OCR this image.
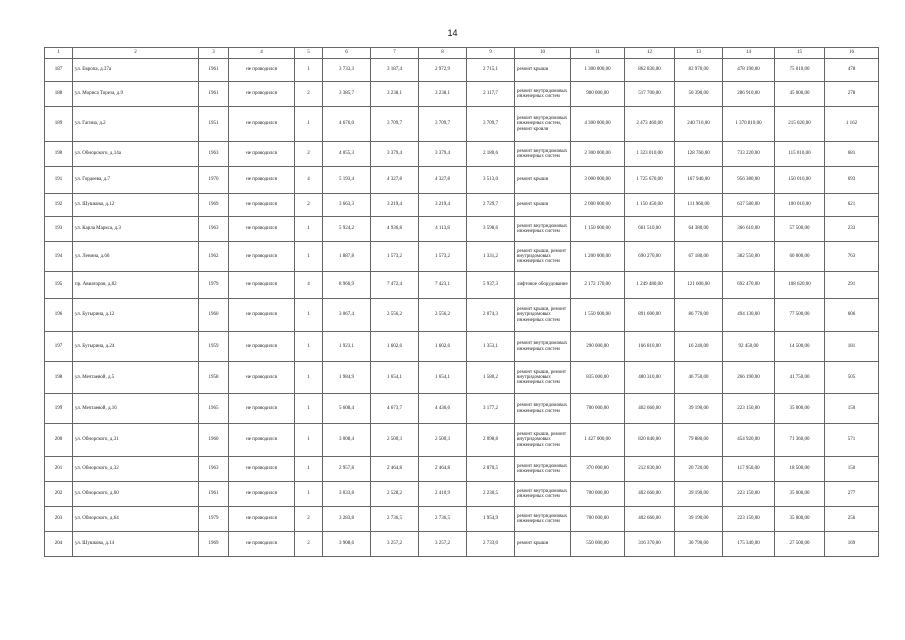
14
1	2	3	4	5	6	7	8	9	10	11	12	13	14	15	16
187	ул. Европа, д.37а	1961	не проводился	1	3 733,3	3 187,4	2 972,9	2 715,1	ремонт крыши	1 300 000,00	862 830,00	83 970,00	478 190,00	75 010,00	478
188	ул. Мориса Тореза, д.9	1961	не проводился	2	3 385,7	3 238,1	3 238,1	2 117,7	ремонт внутридомовых инженерных систем	900 000,00	517 700,00	50 390,00	286 910,00	45 000,00	278
189	ул. Гагина, д.2	1951	не проводился	1	4 676,0	3 709,7	3 709,7	3 709,7	ремонт внутридомовых инженерных систем, ремонт кровли	4 300 000,00	2 473 460,00	240 710,00	1 370 810,00	215 020,00	1 162
190	ул. Обнорского, д.14а	1963	не проводился	2	4 055,3	3 379,4	3 379,4	2 180,6	ремонт внутридомовых инженерных систем	2 300 000,00	1 323 010,00	128 760,00	733 220,00	115 010,00	681
191	ул. Гордеева, д.7	1970	не проводился	4	5 193,4	4 327,8	4 327,8	3 513,0	ремонт крыши	3 000 000,00	1 725 670,00	167 940,00	956 380,00	150 010,00	693
192	ул. Шушкова, д.12	1969	не проводился	2	3 663,3	3 219,4	3 219,4	2 729,7	ремонт крыши	2 000 000,00	1 150 450,00	111 960,00	637 580,00	100 010,00	621
193	ул. Карла Маркса, д.3	1963	не проводился	1	5 924,2	4 936,8	4 113,8	3 598,6	ремонт внутридомовых инженерных систем	1 150 000,00	661 510,00	64 380,00	366 610,00	57 500,00	233
194	ул. Ленина, д.60	1962	не проводился	1	1 887,8	1 573,2	1 573,2	1 331,2	ремонт крыши, ремонт внутридомовых инженерных систем	1 200 000,00	690 270,00	67 180,00	382 550,00	60 000,00	763
195	пр. Авиаторов, д.82	1979	не проводился	4	8 966,9	7 472,4	7 423,1	5 937,3	лифтовое оборудование	2 172 170,00	1 249 480,00	121 600,00	692 470,00	108 620,00	291
196	ул. Бутырина, д.12	1960	не проводился	1	3 067,4	2 556,2	2 556,2	2 074,3	ремонт крыши, ремонт внутридомовых инженерных систем	1 550 000,00	891 600,00	86 770,00	494 130,00	77 500,00	606
197	ул. Бутырина, д.24	1959	не проводился	1	1 923,1	1 602,6	1 602,6	1 353,1	ремонт внутридомовых инженерных систем	290 000,00	166 810,00	16 240,00	92 450,00	14 500,00	181
198	ул. Мечтаевой, д.5	1958	не проводился	1	1 984,9	1 654,1	1 654,1	1 580,2	ремонт крыши, ремонт внутридомовых инженерных систем	835 000,00	480 310,00	46 750,00	266 190,00	41 750,00	505
199	ул. Мечтаевой, д.16	1965	не проводился	1	5 608,4	4 673,7	4 436,6	3 177,2	ремонт внутридомовых инженерных систем	700 000,00	402 660,00	39 190,00	223 150,00	35 000,00	150
200	ул. Обнорского, д.31	1960	не проводился	1	3 008,4	2 500,3	2 500,3	2 098,8	ремонт крыши, ремонт внутридомовых инженерных систем	1 427 000,00	820 840,00	79 880,00	454 920,00	71 360,00	571
201	ул. Обнорского, д.32	1963	не проводился	1	2 957,8	2 464,8	2 464,8	2 070,5	ремонт внутридомовых инженерных систем	370 000,00	212 830,00	20 720,00	117 950,00	18 500,00	150
202	ул. Обнорского, д.60	1961	не проводился	1	3 033,8	2 528,2	2 410,9	2 230,5	ремонт внутридомовых инженерных систем	700 000,00	402 660,00	39 190,00	223 150,00	35 000,00	277
203	ул. Обнорского, д.64	1979	не проводился	2	3 283,8	2 736,5	2 736,5	1 954,9	ремонт внутридомовых инженерных систем	700 000,00	402 660,00	39 190,00	223 150,00	35 000,00	256
204	ул. Шушкова, д.14	1969	не проводился	2	3 908,6	3 257,2	3 257,2	2 733,0	ремонт крыши	550 000,00	316 370,00	30 790,00	175 340,00	27 500,00	169
